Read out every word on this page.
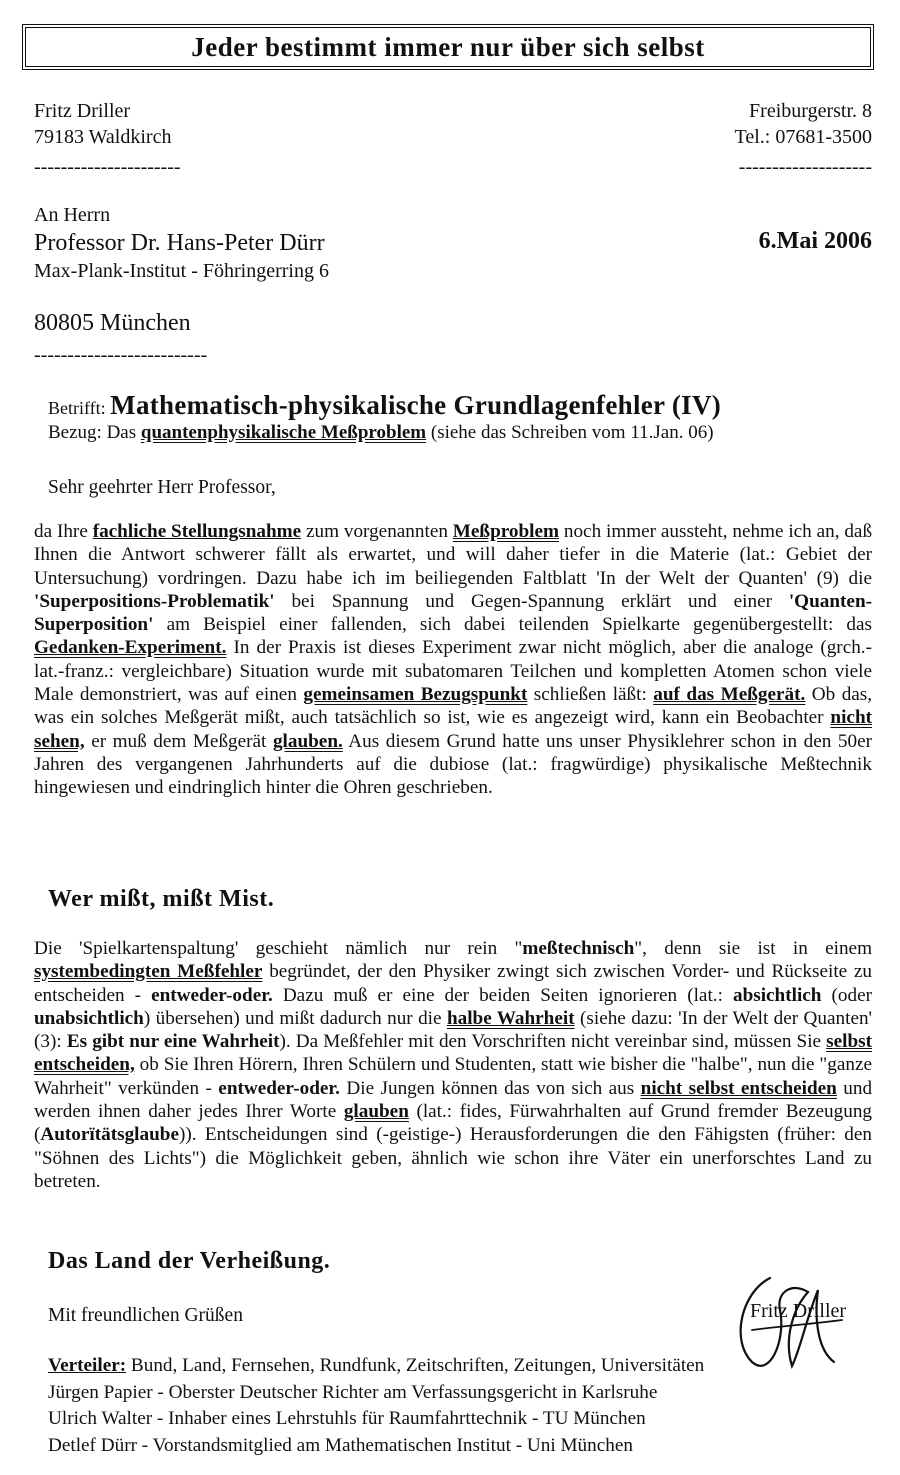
Jeder bestimmt immer nur über sich selbst
Fritz Driller
79183 Waldkirch
----------------------
Freiburgerstr. 8
Tel.: 07681-3500
--------------------
An Herrn
Professor Dr. Hans-Peter Dürr
Max-Plank-Institut - Föhringerring 6
80805 München
--------------------------
6.Mai 2006
Betrifft: Mathematisch-physikalische Grundlagenfehler (IV)
Bezug: Das quantenphysikalische Meßproblem (siehe das Schreiben vom 11.Jan. 06)
Sehr geehrter Herr Professor,
da Ihre fachliche Stellungsnahme zum vorgenannten Meßproblem noch immer aussteht, nehme ich an, daß Ihnen die Antwort schwerer fällt als erwartet, und will daher tiefer in die Materie (lat.: Gebiet der Untersuchung) vordringen. Dazu habe ich im beiliegenden Faltblatt 'In der Welt der Quanten' (9) die 'Superpositions-Problematik' bei Spannung und Gegen-Spannung erklärt und einer 'Quanten-Superposition' am Beispiel einer fallenden, sich dabei teilenden Spielkarte gegenübergestellt: das Gedanken-Experiment. In der Praxis ist dieses Experiment zwar nicht möglich, aber die analoge (grch.-lat.-franz.: vergleichbare) Situation wurde mit subatomaren Teilchen und kompletten Atomen schon viele Male demonstriert, was auf einen gemeinsamen Bezugspunkt schließen läßt: auf das Meßgerät. Ob das, was ein solches Meßgerät mißt, auch tatsächlich so ist, wie es angezeigt wird, kann ein Beobachter nicht sehen, er muß dem Meßgerät glauben. Aus diesem Grund hatte uns unser Physiklehrer schon in den 50er Jahren des vergangenen Jahrhunderts auf die dubiose (lat.: fragwürdige) physikalische Meßtechnik hingewiesen und eindringlich hinter die Ohren geschrieben.
Wer mißt, mißt Mist.
Die 'Spielkartenspaltung' geschieht nämlich nur rein "meßtechnisch", denn sie ist in einem systembedingten Meßfehler begründet, der den Physiker zwingt sich zwischen Vorder- und Rückseite zu entscheiden - entweder-oder. Dazu muß er eine der beiden Seiten ignorieren (lat.: absichtlich (oder unabsichtlich) übersehen) und mißt dadurch nur die halbe Wahrheit (siehe dazu: 'In der Welt der Quanten' (3): Es gibt nur eine Wahrheit). Da Meßfehler mit den Vorschriften nicht vereinbar sind, müssen Sie selbst entscheiden, ob Sie Ihren Hörern, Ihren Schülern und Studenten, statt wie bisher die "halbe", nun die "ganze Wahrheit" verkünden - entweder-oder. Die Jungen können das von sich aus nicht selbst entscheiden und werden ihnen daher jedes Ihrer Worte glauben (lat.: fides, Fürwahrhalten auf Grund fremder Bezeugung (Autorïtätsglaube)). Entscheidungen sind (-geistige-) Herausforderungen die den Fähigsten (früher: den "Söhnen des Lichts") die Möglichkeit geben, ähnlich wie schon ihre Väter ein unerforschtes Land zu betreten.
Das Land der Verheißung.
Mit freundlichen Grüßen	Fritz Driller
Verteiler: Bund, Land, Fernsehen, Rundfunk, Zeitschriften, Zeitungen, Universitäten
Jürgen Papier - Oberster Deutscher Richter am Verfassungsgericht in Karlsruhe
Ulrich Walter - Inhaber eines Lehrstuhls für Raumfahrttechnik - TU München
Detlef Dürr - Vorstandsmitglied am Mathematischen Institut - Uni München
